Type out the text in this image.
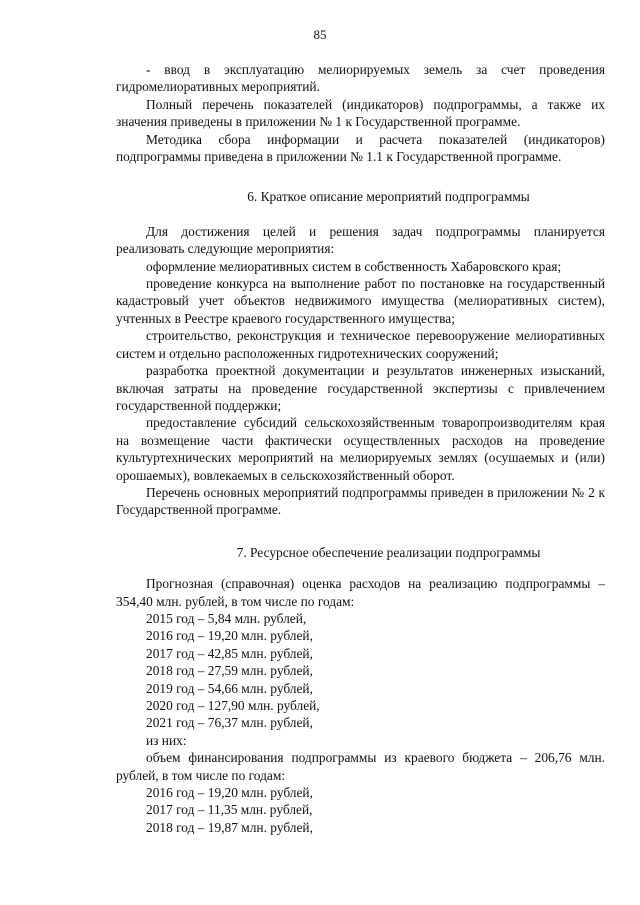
85

- ввод в эксплуатацию мелиорируемых земель за счет проведения гидромелиоративных мероприятий.

Полный перечень показателей (индикаторов) подпрограммы, а также их значения приведены в приложении № 1 к Государственной программе.

Методика сбора информации и расчета показателей (индикаторов) подпрограммы приведена в приложении № 1.1 к Государственной программе.

6. Краткое описание мероприятий подпрограммы

Для достижения целей и решения задач подпрограммы планируется реализовать следующие мероприятия:

оформление мелиоративных систем в собственность Хабаровского края;

проведение конкурса на выполнение работ по постановке на государственный кадастровый учет объектов недвижимого имущества (мелиоративных систем), учтенных в Реестре краевого государственного имущества;

строительство, реконструкция и техническое перевооружение мелиоративных систем и отдельно расположенных гидротехнических сооружений;

разработка проектной документации и результатов инженерных изысканий, включая затраты на проведение государственной экспертизы с привлечением государственной поддержки;

предоставление субсидий сельскохозяйственным товаропроизводителям края на возмещение части фактически осуществленных расходов на проведение культуртехнических мероприятий на мелиорируемых землях (осушаемых и (или) орошаемых), вовлекаемых в сельскохозяйственный оборот.

Перечень основных мероприятий подпрограммы приведен в приложении № 2 к Государственной программе.

7. Ресурсное обеспечение реализации подпрограммы

Прогнозная (справочная) оценка расходов на реализацию подпрограммы – 354,40 млн. рублей, в том числе по годам:

2015 год – 5,84 млн. рублей,

2016 год – 19,20 млн. рублей,

2017 год – 42,85 млн. рублей,

2018 год – 27,59 млн. рублей,

2019 год – 54,66 млн. рублей,

2020 год – 127,90 млн. рублей,

2021 год – 76,37 млн. рублей,

из них:

объем финансирования подпрограммы из краевого бюджета – 206,76 млн. рублей, в том числе по годам:

2016 год – 19,20 млн. рублей,

2017 год – 11,35 млн. рублей,

2018 год – 19,87 млн. рублей,
